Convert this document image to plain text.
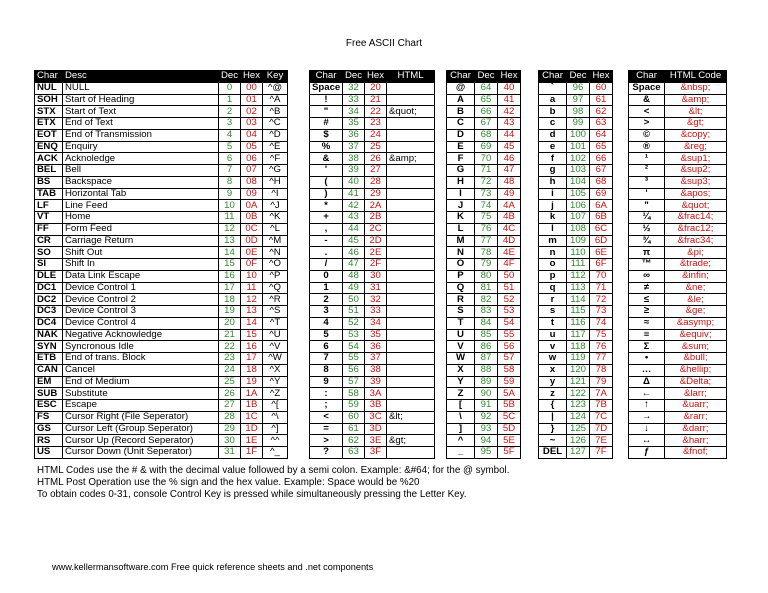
Free ASCII Chart
Char	Desc	Dec	Hex	Key
NUL	NULL	0	00	^@
SOH	Start of Heading	1	01	^A
STX	Start of Text	2	02	^B
ETX	End of Text	3	03	^C
EOT	End of Transmission	4	04	^D
ENQ	Enquiry	5	05	^E
ACK	Acknoledge	6	06	^F
BEL	Bell	7	07	^G
BS	Backspace	8	08	^H
TAB	Horizontal Tab	9	09	^I
LF	Line Feed	10	0A	^J
VT	Home	11	0B	^K
FF	Form Feed	12	0C	^L
CR	Carriage Return	13	0D	^M
SO	Shift Out	14	0E	^N
SI	Shift In	15	0F	^O
DLE	Data Link Escape	16	10	^P
DC1	Device Control 1	17	11	^Q
DC2	Device Control 2	18	12	^R
DC3	Device Control 3	19	13	^S
DC4	Device Control 4	20	14	^T
NAK	Negative Acknowledge	21	15	^U
SYN	Syncronous Idle	22	16	^V
ETB	End of trans. Block	23	17	^W
CAN	Cancel	24	18	^X
EM	End of Medium	25	19	^Y
SUB	Substitute	26	1A	^Z
ESC	Escape	27	1B	^[
FS	Cursor Right (File Seperator)	28	1C	^\
GS	Cursor Left (Group Seperator)	29	1D	^]
RS	Cursor Up (Record Seperator)	30	1E	^^
US	Cursor Down (Unit Seperator)	31	1F	^_
Char	Dec	Hex	HTML
Space	32	20	
!	33	21	
"	34	22	&quot;
#	35	23	
$	36	24	
%	37	25	
&	38	26	&amp;
'	39	27	
(	40	28	
)	41	29	
*	42	2A	
+	43	2B	
,	44	2C	
-	45	2D	
.	46	2E	
/	47	2F	
0	48	30	
1	49	31	
2	50	32	
3	51	33	
4	52	34	
5	53	35	
6	54	36	
7	55	37	
8	56	38	
9	57	39	
:	58	3A	
;	59	3B	
<	60	3C	&lt;
=	61	3D	
>	62	3E	&gt;
?	63	3F	
Char	Dec	Hex
@	64	40
A	65	41
B	66	42
C	67	43
D	68	44
E	69	45
F	70	46
G	71	47
H	72	48
I	73	49
J	74	4A
K	75	4B
L	76	4C
M	77	4D
N	78	4E
O	79	4F
P	80	50
Q	81	51
R	82	52
S	83	53
T	84	54
U	85	55
V	86	56
W	87	57
X	88	58
Y	89	59
Z	90	5A
[	91	5B
\	92	5C
]	93	5D
^	94	5E
_	95	5F
Char	Dec	Hex
`	96	60
a	97	61
b	98	62
c	99	63
d	100	64
e	101	65
f	102	66
g	103	67
h	104	68
i	105	69
j	106	6A
k	107	6B
l	108	6C
m	109	6D
n	110	6E
o	111	6F
p	112	70
q	113	71
r	114	72
s	115	73
t	116	74
u	117	75
v	118	76
w	119	77
x	120	78
y	121	79
z	122	7A
{	123	7B
|	124	7C
}	125	7D
~	126	7E
DEL	127	7F
Char	HTML Code
Space	&nbsp;
&	&amp;
<	&lt;
>	&gt;
©	&copy;
®	&reg;
¹	&sup1;
²	&sup2;
³	&sup3;
'	&apos;
"	&quot;
¼	&frac14;
½	&frac12;
¾	&frac34;
π	&pi;
™	&trade;
∞	&infin;
≠	&ne;
≤	&le;
≥	&ge;
≈	&asymp;
≡	&equiv;
Σ	&sum;
•	&bull;
…	&hellip;
Δ	&Delta;
←	&larr;
↑	&uarr;
→	&rarr;
↓	&darr;
↔	&harr;
ƒ	&fnof;
HTML Codes use the # & with the decimal value followed by a semi colon. Example: &#64; for the @ symbol.
HTML Post Operation use the % sign and the hex value. Example: Space would be %20
To obtain codes 0-31, console Control Key is pressed while simultaneously pressing the Letter Key.
www.kellermansoftware.com Free quick reference sheets and .net components
